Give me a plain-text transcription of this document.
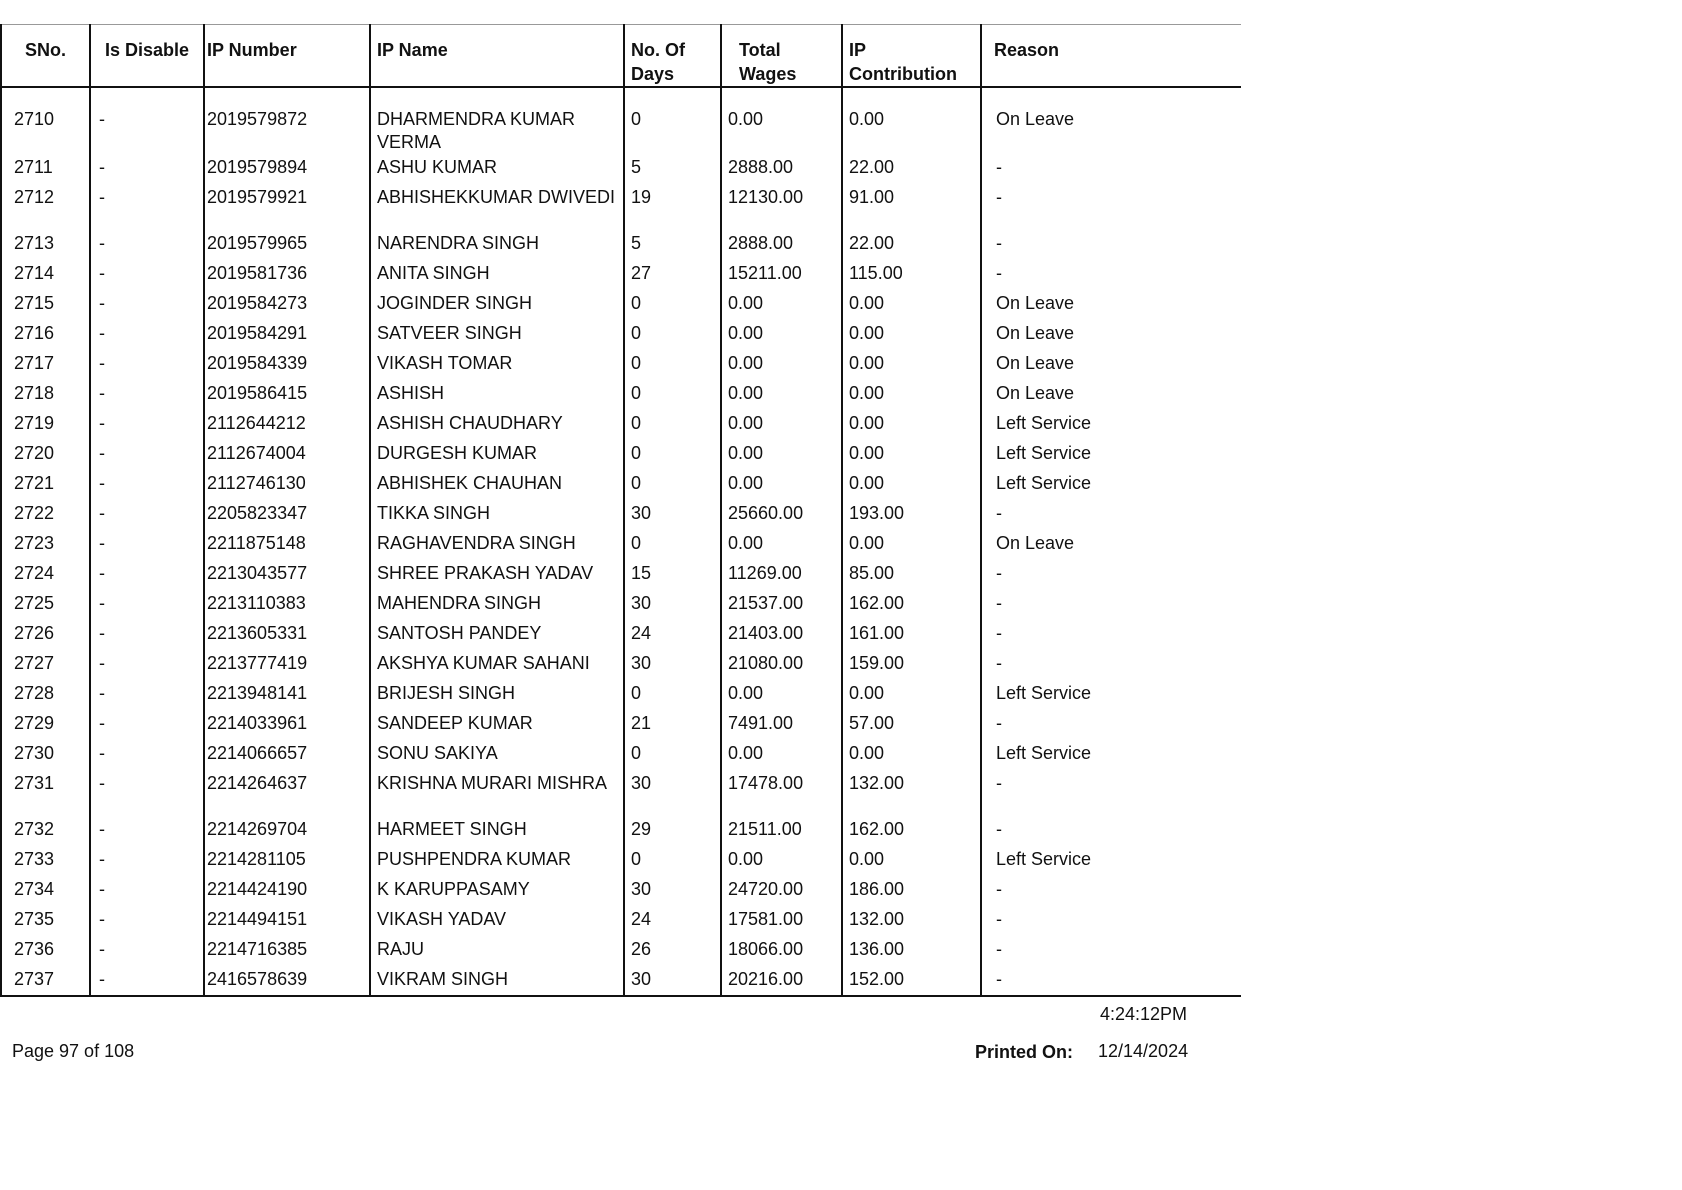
SNo.	Is Disable	IP Number	IP Name	No. Of Days	Total Wages	IP Contribution	Reason
2710	-	2019579872	DHARMENDRA KUMAR VERMA	0	0.00	0.00	On Leave
2711	-	2019579894	ASHU KUMAR	5	2888.00	22.00	-
2712	-	2019579921	ABHISHEKKUMAR DWIVEDI	19	12130.00	91.00	-
2713	-	2019579965	NARENDRA SINGH	5	2888.00	22.00	-
2714	-	2019581736	ANITA SINGH	27	15211.00	115.00	-
2715	-	2019584273	JOGINDER SINGH	0	0.00	0.00	On Leave
2716	-	2019584291	SATVEER SINGH	0	0.00	0.00	On Leave
2717	-	2019584339	VIKASH TOMAR	0	0.00	0.00	On Leave
2718	-	2019586415	ASHISH	0	0.00	0.00	On Leave
2719	-	2112644212	ASHISH CHAUDHARY	0	0.00	0.00	Left Service
2720	-	2112674004	DURGESH KUMAR	0	0.00	0.00	Left Service
2721	-	2112746130	ABHISHEK CHAUHAN	0	0.00	0.00	Left Service
2722	-	2205823347	TIKKA SINGH	30	25660.00	193.00	-
2723	-	2211875148	RAGHAVENDRA SINGH	0	0.00	0.00	On Leave
2724	-	2213043577	SHREE PRAKASH YADAV	15	11269.00	85.00	-
2725	-	2213110383	MAHENDRA SINGH	30	21537.00	162.00	-
2726	-	2213605331	SANTOSH PANDEY	24	21403.00	161.00	-
2727	-	2213777419	AKSHYA KUMAR SAHANI	30	21080.00	159.00	-
2728	-	2213948141	BRIJESH SINGH	0	0.00	0.00	Left Service
2729	-	2214033961	SANDEEP KUMAR	21	7491.00	57.00	-
2730	-	2214066657	SONU SAKIYA	0	0.00	0.00	Left Service
2731	-	2214264637	KRISHNA MURARI MISHRA	30	17478.00	132.00	-
2732	-	2214269704	HARMEET SINGH	29	21511.00	162.00	-
2733	-	2214281105	PUSHPENDRA KUMAR	0	0.00	0.00	Left Service
2734	-	2214424190	K KARUPPASAMY	30	24720.00	186.00	-
2735	-	2214494151	VIKASH YADAV	24	17581.00	132.00	-
2736	-	2214716385	RAJU	26	18066.00	136.00	-
2737	-	2416578639	VIKRAM SINGH	30	20216.00	152.00	-
4:24:12PM
Page 97 of 108	Printed On: 12/14/2024
